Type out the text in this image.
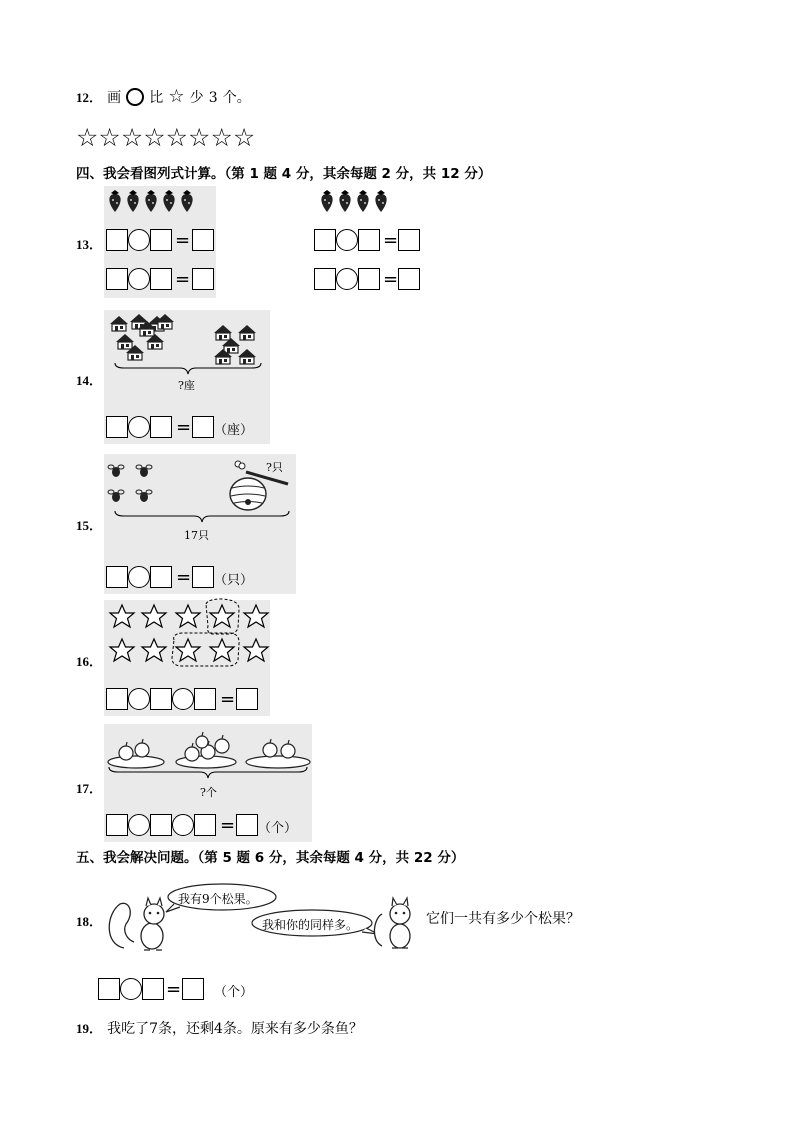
12． 画 比 ☆ 少 3 个。
☆☆☆☆☆☆☆☆
四、我会看图列式计算。（第 1 题 4 分，其余每题 2 分，共 12 分）
13．	=
=
=
=
?座
14．
= （座）
?只
17只
15．
= （只）
16．
=
?个
17．
= （个）
五、我会解决问题。（第 5 题 6 分，其余每题 4 分，共 22 分）
18．
我有9个松果。
我和你的同样多。	它们一共有多少个松果？
=	（个）
19． 我吃了7条，还剩4条。原来有多少条鱼？
